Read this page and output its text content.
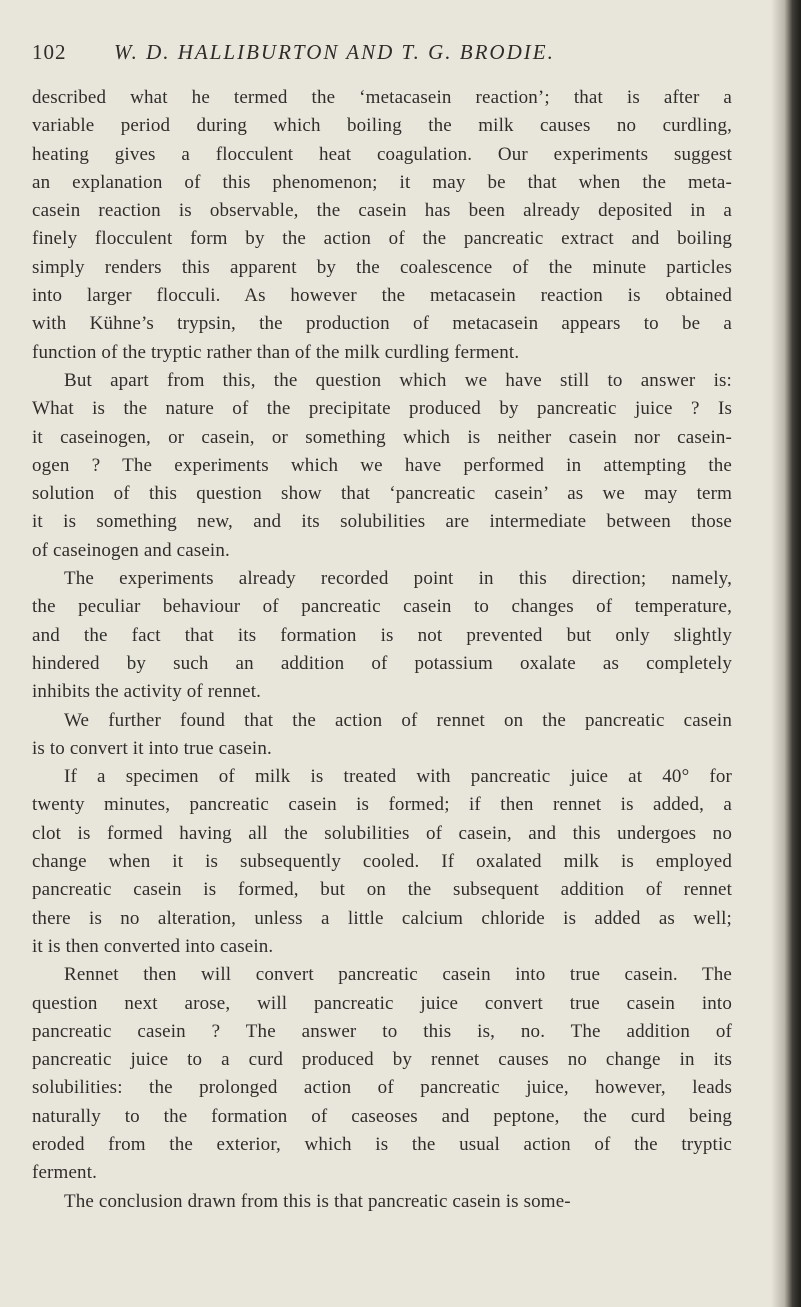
102 W. D. HALLIBURTON AND T. G. BRODIE.
described what he termed the ‘metacasein reaction’; that is after a
variable period during which boiling the milk causes no curdling,
heating gives a flocculent heat coagulation. Our experiments suggest
an explanation of this phenomenon; it may be that when the meta-
casein reaction is observable, the casein has been already deposited in a
finely flocculent form by the action of the pancreatic extract and boiling
simply renders this apparent by the coalescence of the minute particles
into larger flocculi. As however the metacasein reaction is obtained
with Kühne’s trypsin, the production of metacasein appears to be a
function of the tryptic rather than of the milk curdling ferment.
But apart from this, the question which we have still to answer is:
What is the nature of the precipitate produced by pancreatic juice ? Is
it caseinogen, or casein, or something which is neither casein nor casein-
ogen ? The experiments which we have performed in attempting the
solution of this question show that ‘pancreatic casein’ as we may term
it is something new, and its solubilities are intermediate between those
of caseinogen and casein.
The experiments already recorded point in this direction; namely,
the peculiar behaviour of pancreatic casein to changes of temperature,
and the fact that its formation is not prevented but only slightly
hindered by such an addition of potassium oxalate as completely
inhibits the activity of rennet.
We further found that the action of rennet on the pancreatic casein
is to convert it into true casein.
If a specimen of milk is treated with pancreatic juice at 40° for
twenty minutes, pancreatic casein is formed; if then rennet is added, a
clot is formed having all the solubilities of casein, and this undergoes no
change when it is subsequently cooled. If oxalated milk is employed
pancreatic casein is formed, but on the subsequent addition of rennet
there is no alteration, unless a little calcium chloride is added as well;
it is then converted into casein.
Rennet then will convert pancreatic casein into true casein. The
question next arose, will pancreatic juice convert true casein into
pancreatic casein ? The answer to this is, no. The addition of
pancreatic juice to a curd produced by rennet causes no change in its
solubilities: the prolonged action of pancreatic juice, however, leads
naturally to the formation of caseoses and peptone, the curd being
eroded from the exterior, which is the usual action of the tryptic
ferment.
The conclusion drawn from this is that pancreatic casein is some-
